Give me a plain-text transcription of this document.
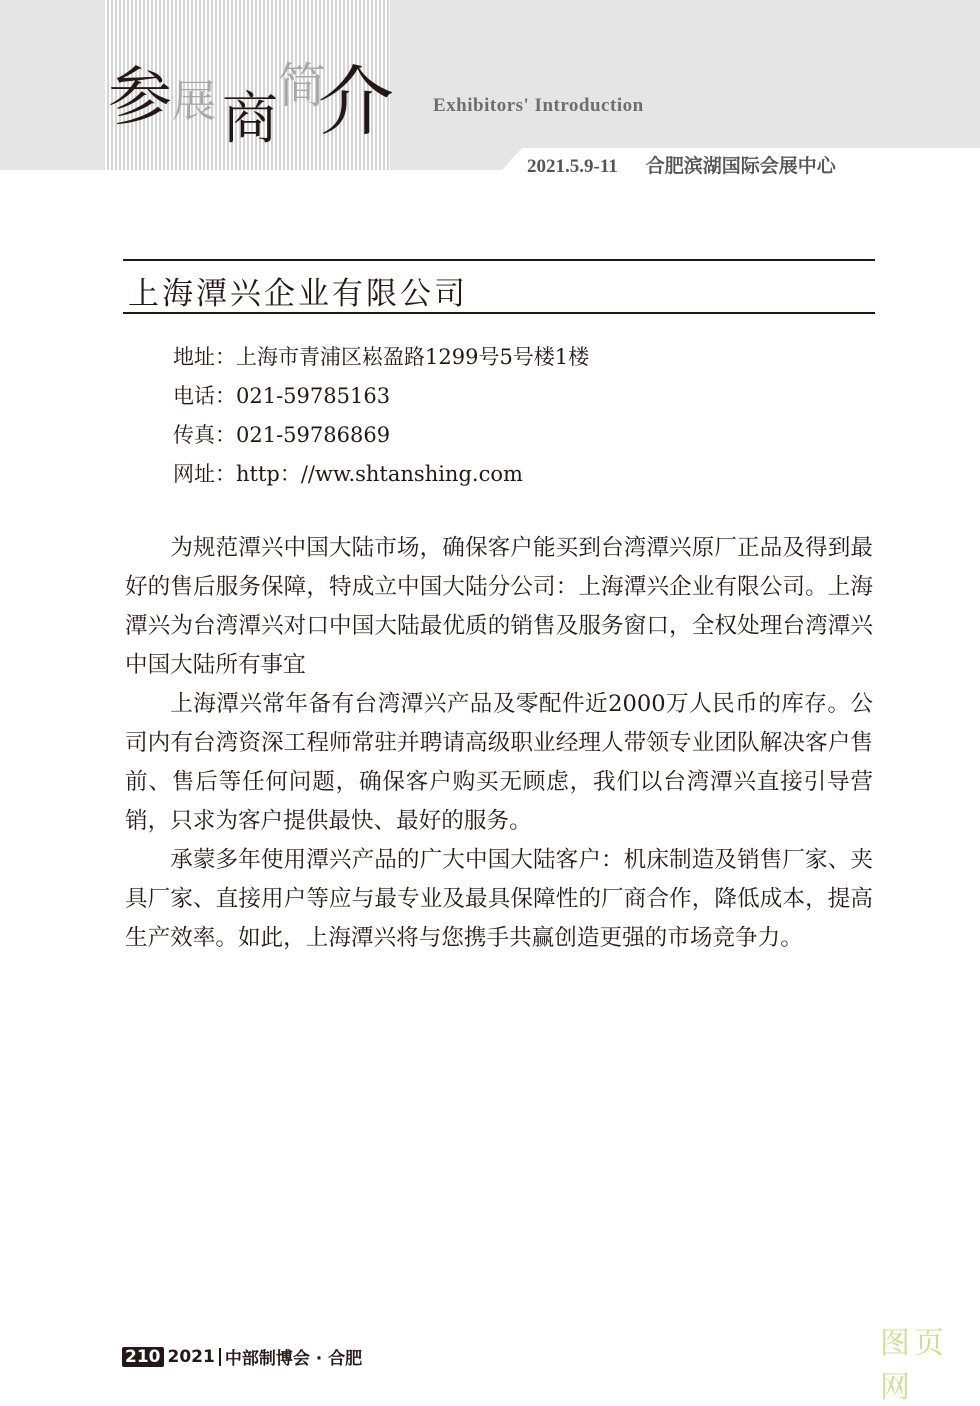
参 展 商
简
介 Exhibitors' Introduction
2021.5.9-11 合肥滨湖国际会展中心
上海潭兴企业有限公司
地址：上海市青浦区崧盈路1299号5号楼1楼
电话：021-59785163
传真：021-59786869
网址：http：//ww.shtanshing.com

为规范潭兴中国大陆市场，确保客户能买到台湾潭兴原厂正品及得到最好的售后服务保障，特成立中国大陆分公司：上海潭兴企业有限公司。上海潭兴为台湾潭兴对口中国大陆最优质的销售及服务窗口，全权处理台湾潭兴中国大陆所有事宜

上海潭兴常年备有台湾潭兴产品及零配件近2000万人民币的库存。公司内有台湾资深工程师常驻并聘请高级职业经理人带领专业团队解决客户售前、售后等任何问题，确保客户购买无顾虑，我们以台湾潭兴直接引导营销，只求为客户提供最快、最好的服务。

承蒙多年使用潭兴产品的广大中国大陆客户：机床制造及销售厂家、夹具厂家、直接用户等应与最专业及最具保障性的厂商合作，降低成本，提高生产效率。如此，上海潭兴将与您携手共赢创造更强的市场竞争力。

210 2021 中部制博会 · 合肥	图页网
